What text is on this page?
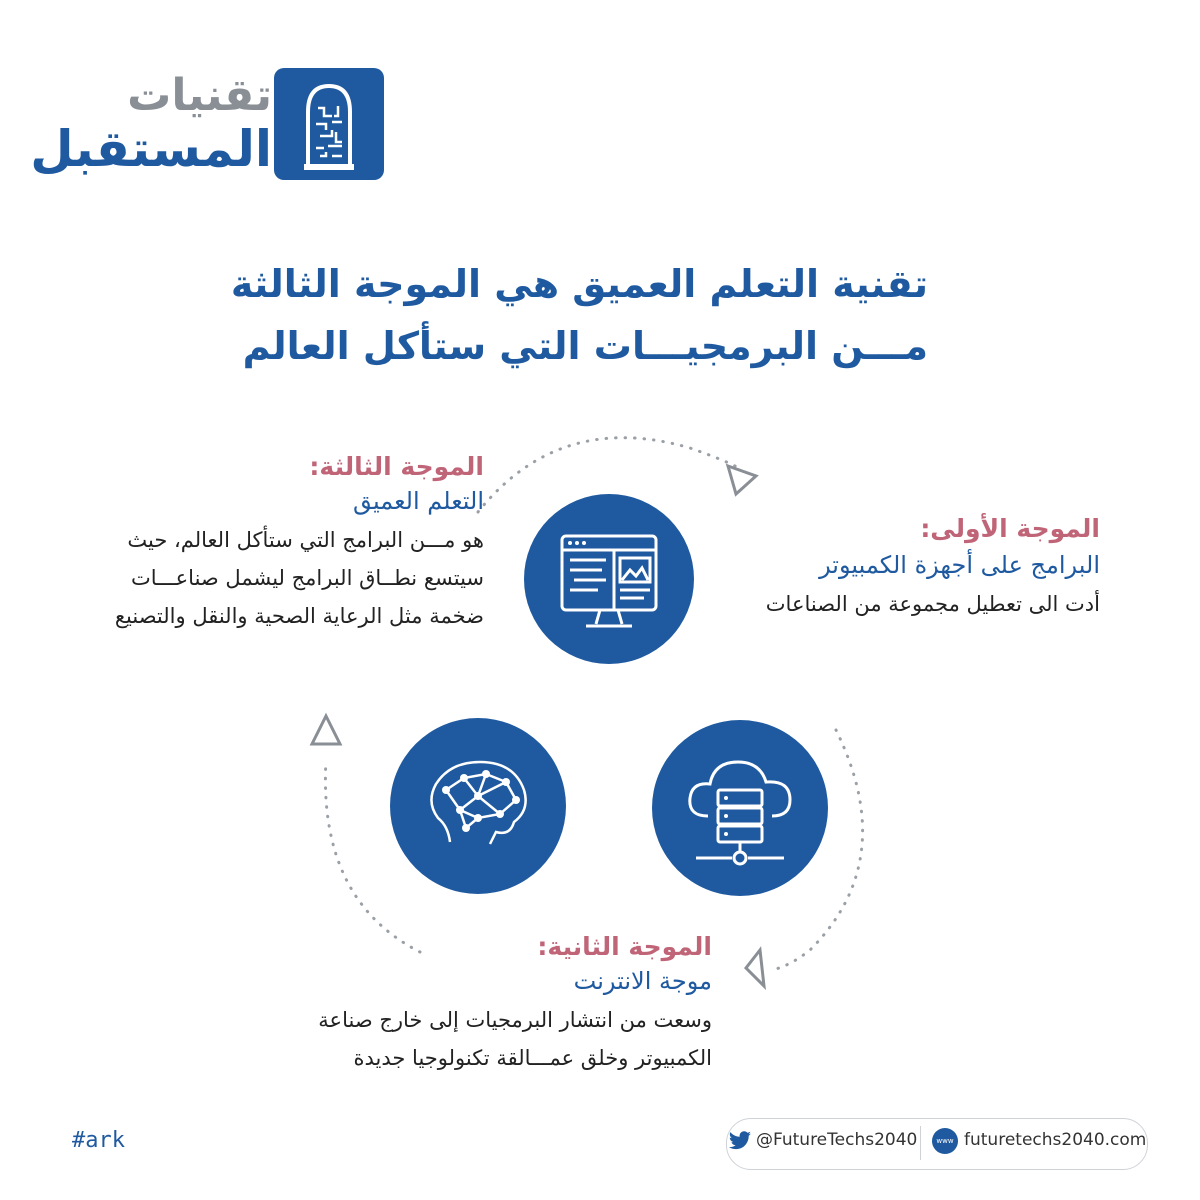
تقنيات
المستقبل
تقنية التعلم العميق هي الموجة الثالثة
مـــن البرمجيـــات التي ستأكل العالم
الموجة الثالثة:
التعلم العميق
هو مـــن البرامج التي ستأكل العالم، حيث
سيتسع نطــاق البرامج ليشمل صناعـــات
ضخمة مثل الرعاية الصحية والنقل والتصنيع
الموجة الأولى:
البرامج على أجهزة الكمبيوتر
أدت الى تعطيل مجموعة من الصناعات
الموجة الثانية:
موجة الانترنت
وسعت من انتشار البرمجيات إلى خارج صناعة
الكمبيوتر وخلق عمـــالقة تكنولوجيا جديدة
#ark	@FutureTechs2040	www futuretechs2040.com
